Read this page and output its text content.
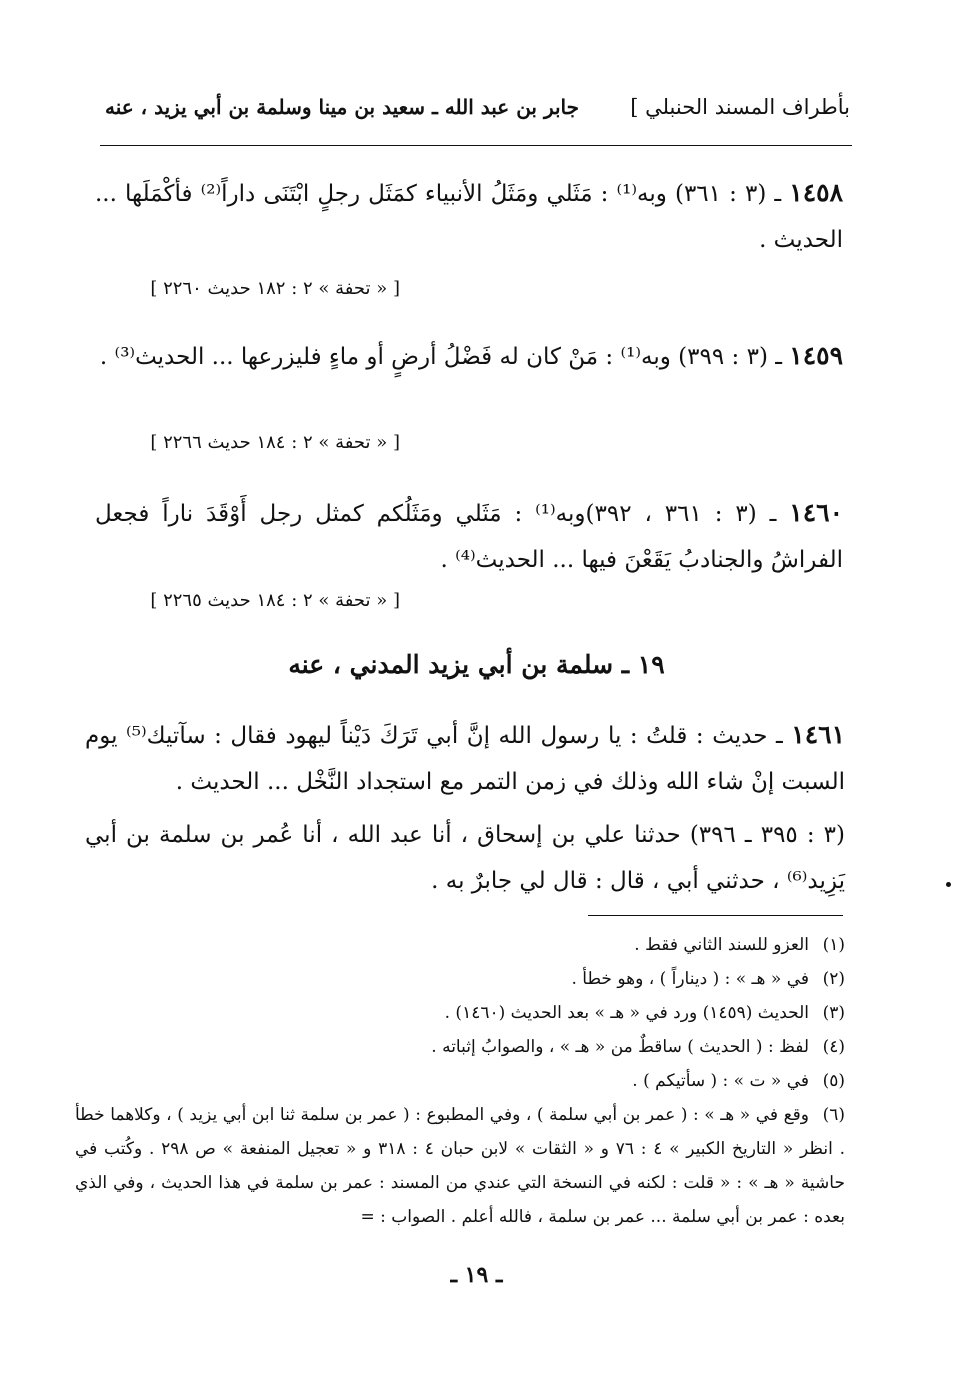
بأطراف المسند الحنبلي ]
جابر بن عبد الله ـ سعيد بن مينا وسلمة بن أبي يزيد ، عنه
١٤٥٨ ـ (٣ : ٣٦١) وبه⁽¹⁾ : مَثَلي ومَثَلُ الأنبياء كمَثَل رجلٍ ابْتَنَى داراً⁽²⁾ فأكْمَلَها ... الحديث .
[ « تحفة » ٢ : ١٨٢ حديث ٢٢٦٠ ]
١٤٥٩ ـ (٣ : ٣٩٩) وبه⁽¹⁾ : مَنْ كان له فَضْلُ أرضٍ أو ماءٍ فليزرعها ... الحديث⁽³⁾ .
[ « تحفة » ٢ : ١٨٤ حديث ٢٢٦٦ ]
١٤٦٠ ـ (٣ : ٣٦١ ، ٣٩٢)وبه⁽¹⁾ : مَثَلي ومَثَلُكم كمثل رجل أَوْقَدَ ناراً فجعل الفراشُ والجنادبُ يَقَعْنَ فيها ... الحديث⁽⁴⁾ .
[ « تحفة » ٢ : ١٨٤ حديث ٢٢٦٥ ]
١٩ ـ سلمة بن أبي يزيد المدني ، عنه
١٤٦١ ـ حديث : قلتُ : يا رسول الله إنَّ أبي تَرَكَ دَيْناً ليهود فقال : سآتيك⁽⁵⁾ يوم السبت إنْ شاء الله وذلك في زمن التمر مع استجداد النَّخْل ... الحديث .
(٣ : ٣٩٥ ـ ٣٩٦) حدثنا علي بن إسحاق ، أنا عبد الله ، أنا عُمر بن سلمة بن أبي يَزِيد⁽⁶⁾ ، حدثني أبي ، قال : قال لي جابرٌ به .
(١)العزو للسند الثاني فقط .
(٢)في « هـ » : ( ديناراً ) ، وهو خطأ .
(٣)الحديث (١٤٥٩) ورد في « هـ » بعد الحديث (١٤٦٠) .
(٤)لفظ : ( الحديث ) ساقطٌ من « هـ » ، والصوابُ إثباته .
(٥)في « ت » : ( سأتيكم ) .
(٦)وقع في « هـ » : ( عمر بن أبي سلمة ) ، وفي المطبوع : ( عمر بن سلمة ثنا ابن أبي يزيد ) ، وكلاهما خطأ . انظر « التاريخ الكبير » ٤ : ٧٦ و « الثقات » لابن حبان ٤ : ٣١٨ و « تعجيل المنفعة » ص ٢٩٨ . وكُتب في حاشية « هـ » : « قلت : لكنه في النسخة التي عندي من المسند : عمر بن سلمة في هذا الحديث ، وفي الذي بعده : عمر بن أبي سلمة ... عمر بن سلمة ، فالله أعلم . الصواب : =
ـ ١٩ ـ
